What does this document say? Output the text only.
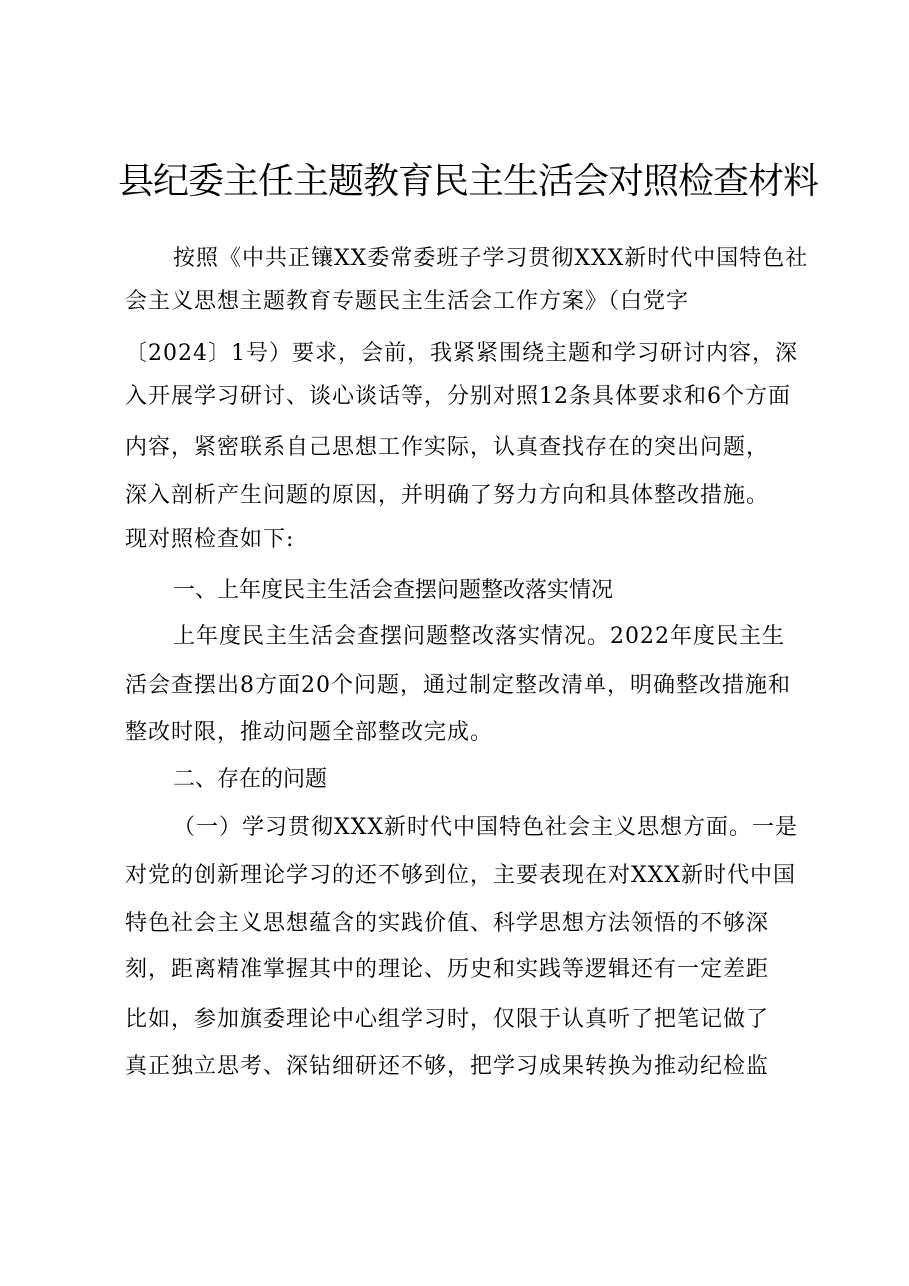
县纪委主任主题教育民主生活会对照检查材料

按照《中共正镶XX委常委班子学习贯彻XXX新时代中国特色社

会主义思想主题教育专题民主生活会工作方案》（白党字

〔2024〕1号）要求，会前，我紧紧围绕主题和学习研讨内容，深

入开展学习研讨、谈心谈话等，分别对照12条具体要求和6个方面

内容，紧密联系自己思想工作实际，认真查找存在的突出问题，

深入剖析产生问题的原因，并明确了努力方向和具体整改措施。

现对照检查如下:

一、上年度民主生活会查摆问题整改落实情况

上年度民主生活会查摆问题整改落实情况。2022年度民主生

活会查摆出8方面20个问题，通过制定整改清单，明确整改措施和

整改时限，推动问题全部整改完成。

二、存在的问题

（一）学习贯彻XXX新时代中国特色社会主义思想方面。一是

对党的创新理论学习的还不够到位，主要表现在对XXX新时代中国

特色社会主义思想蕴含的实践价值、科学思想方法领悟的不够深

刻，距离精准掌握其中的理论、历史和实践等逻辑还有一定差距

比如，参加旗委理论中心组学习时，仅限于认真听了把笔记做了

真正独立思考、深钻细研还不够，把学习成果转换为推动纪检监
